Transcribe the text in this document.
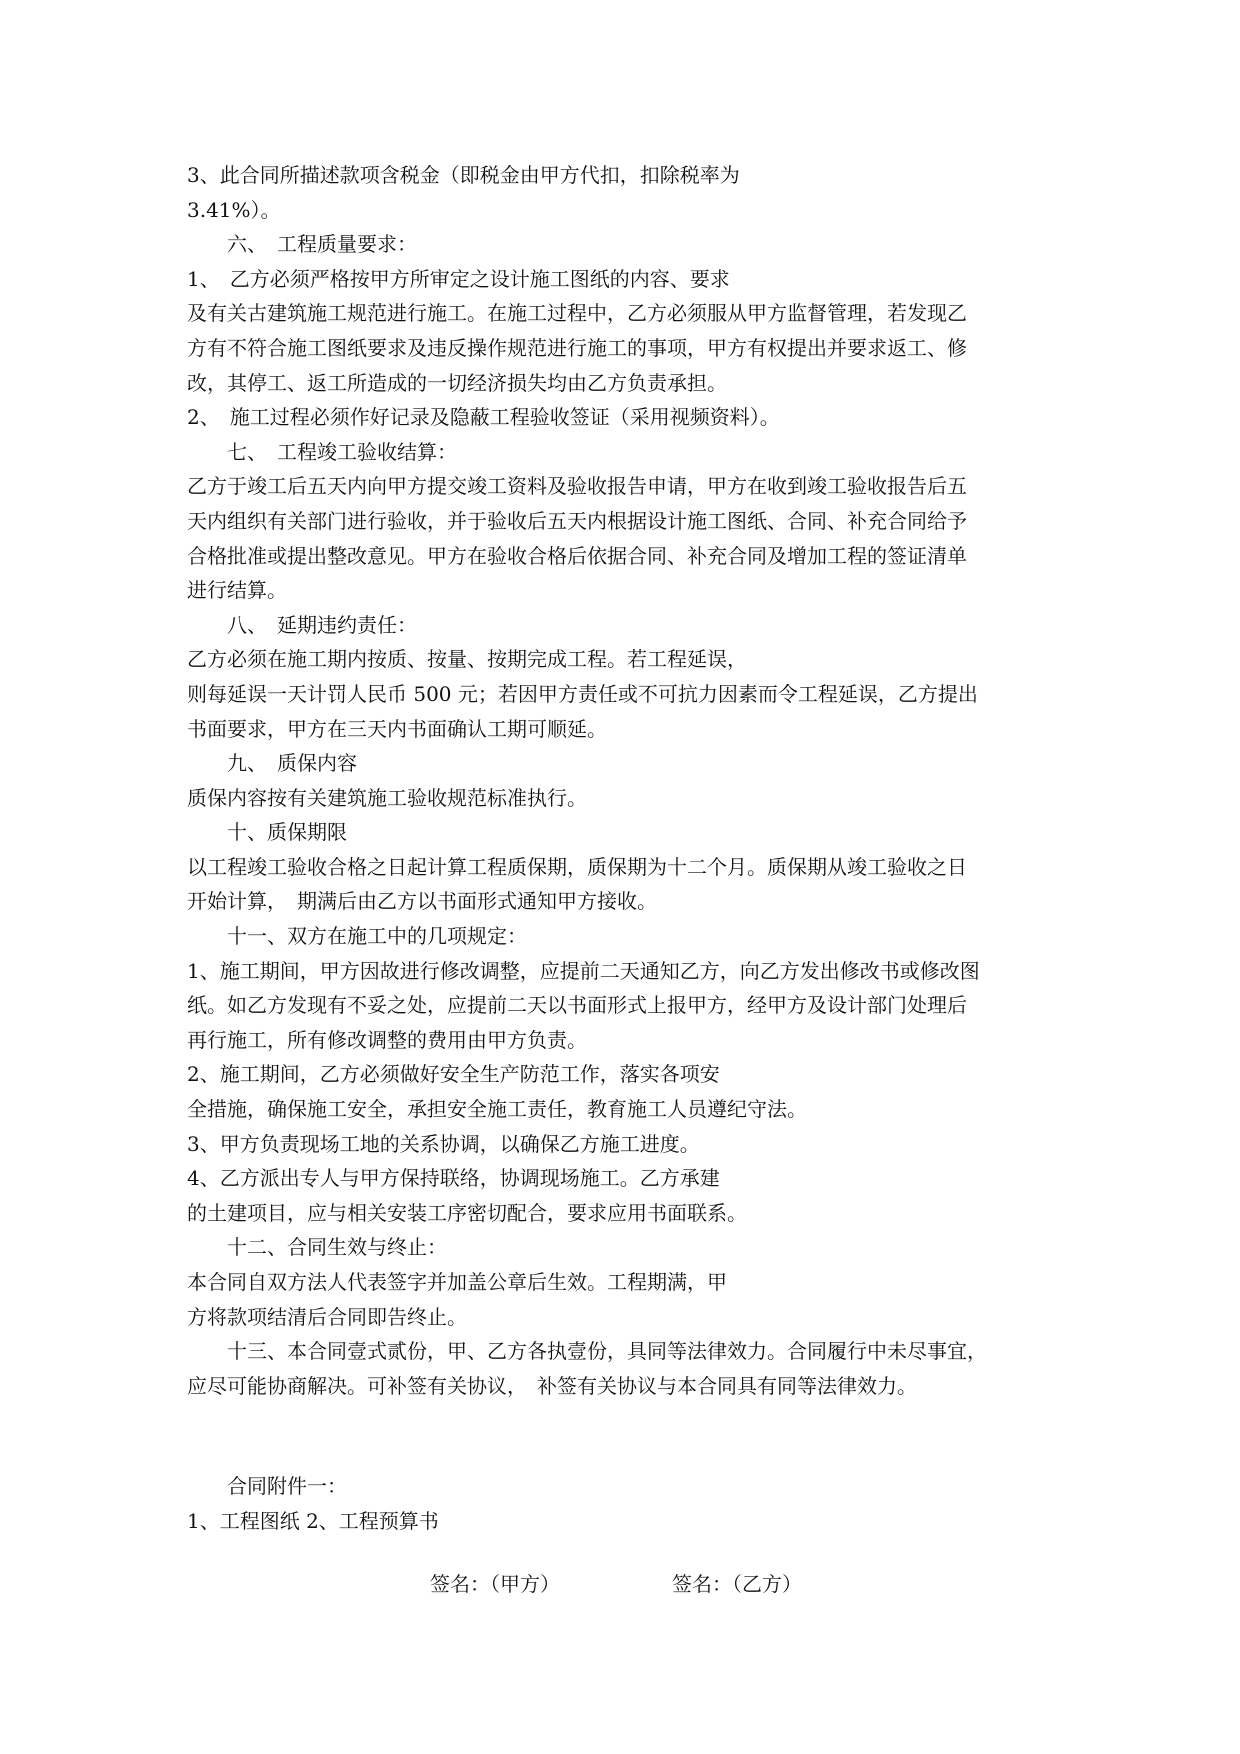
3、此合同所描述款项含税金（即税金由甲方代扣，扣除税率为

3.41%）。

六、　工程质量要求：

1、　乙方必须严格按甲方所审定之设计施工图纸的内容、要求

及有关古建筑施工规范进行施工。在施工过程中，乙方必须服从甲方监督管理，若发现乙

方有不符合施工图纸要求及违反操作规范进行施工的事项，甲方有权提出并要求返工、修

改，其停工、返工所造成的一切经济损失均由乙方负责承担。

2、　施工过程必须作好记录及隐蔽工程验收签证（采用视频资料）。

七、　工程竣工验收结算：

乙方于竣工后五天内向甲方提交竣工资料及验收报告申请，甲方在收到竣工验收报告后五

天内组织有关部门进行验收，并于验收后五天内根据设计施工图纸、合同、补充合同给予

合格批准或提出整改意见。甲方在验收合格后依据合同、补充合同及增加工程的签证清单

进行结算。

八、　延期违约责任：

乙方必须在施工期内按质、按量、按期完成工程。若工程延误，

则每延误一天计罚人民币 500 元；若因甲方责任或不可抗力因素而令工程延误，乙方提出

书面要求，甲方在三天内书面确认工期可顺延。

九、　质保内容

质保内容按有关建筑施工验收规范标准执行。

十、质保期限

以工程竣工验收合格之日起计算工程质保期，质保期为十二个月。质保期从竣工验收之日

开始计算，　期满后由乙方以书面形式通知甲方接收。

十一、双方在施工中的几项规定：

1、施工期间，甲方因故进行修改调整，应提前二天通知乙方，向乙方发出修改书或修改图

纸。如乙方发现有不妥之处，应提前二天以书面形式上报甲方，经甲方及设计部门处理后

再行施工，所有修改调整的费用由甲方负责。

2、施工期间，乙方必须做好安全生产防范工作，落实各项安

全措施，确保施工安全，承担安全施工责任，教育施工人员遵纪守法。

3、甲方负责现场工地的关系协调，以确保乙方施工进度。

4、乙方派出专人与甲方保持联络，协调现场施工。乙方承建

的土建项目，应与相关安装工序密切配合，要求应用书面联系。

十二、合同生效与终止：

本合同自双方法人代表签字并加盖公章后生效。工程期满，甲

方将款项结清后合同即告终止。

十三、本合同壹式贰份，甲、乙方各执壹份，具同等法律效力。合同履行中未尽事宜，

应尽可能协商解决。可补签有关协议，　补签有关协议与本合同具有同等法律效力。

合同附件一：

1、工程图纸 2、工程预算书

签名：（甲方）	签名：（乙方）
